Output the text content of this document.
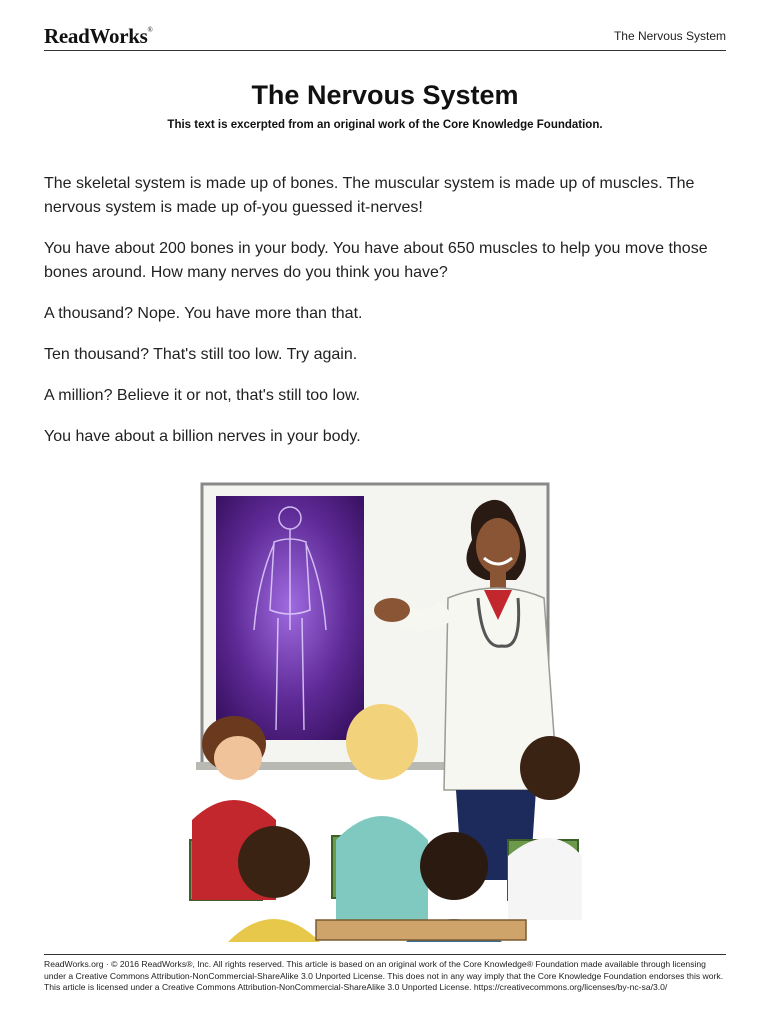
ReadWorks®	The Nervous System
The Nervous System
This text is excerpted from an original work of the Core Knowledge Foundation.

The skeletal system is made up of bones. The muscular system is made up of muscles. The nervous system is made up of-you guessed it-nerves!

You have about 200 bones in your body. You have about 650 muscles to help you move those bones around. How many nerves do you think you have?

A thousand? Nope. You have more than that.

Ten thousand? That's still too low. Try again.

A million? Believe it or not, that's still too low.

You have about a billion nerves in your body.

ReadWorks.org · © 2016 ReadWorks®, Inc. All rights reserved. This article is based on an original work of the Core Knowledge® Foundation made available through licensing under a Creative Commons Attribution-NonCommercial-ShareAlike 3.0 Unported License. This does not in any way imply that the Core Knowledge Foundation endorses this work. This article is licensed under a Creative Commons Attribution-NonCommercial-ShareAlike 3.0 Unported License. https://creativecommons.org/licenses/by-nc-sa/3.0/
